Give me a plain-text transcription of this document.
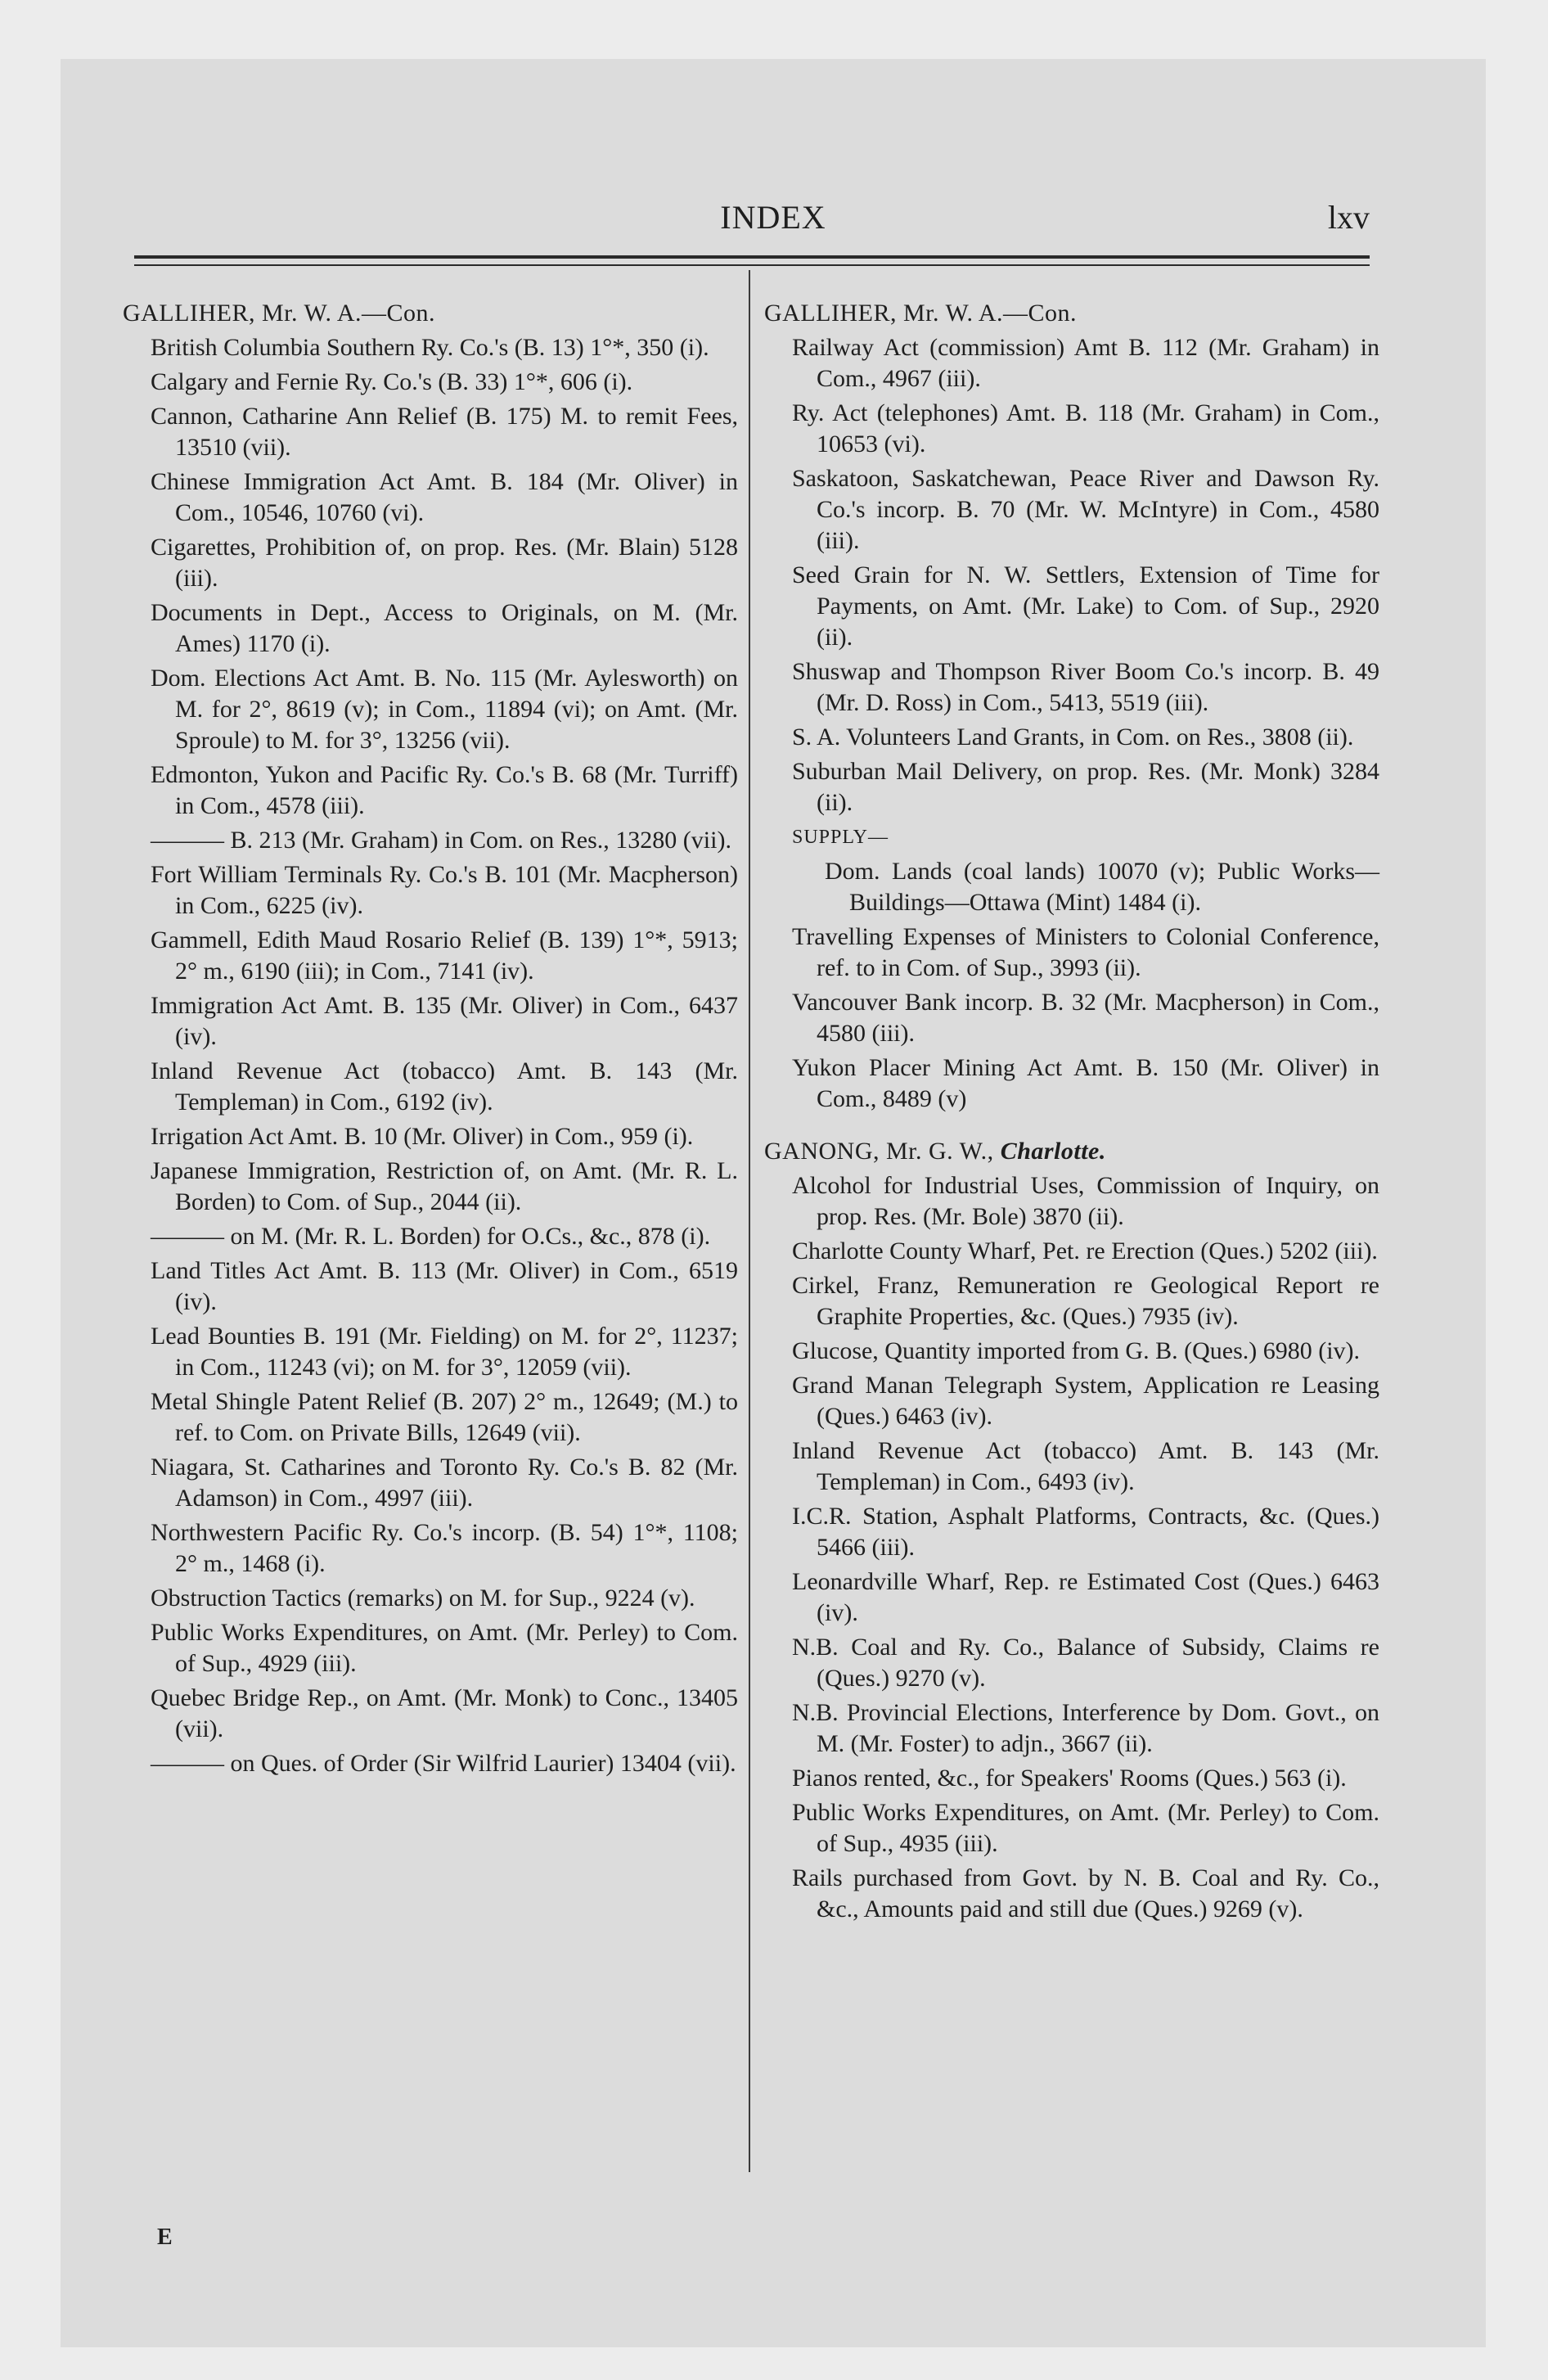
INDEX	lxv
GALLIHER, Mr. W. A.—Con.
British Columbia Southern Ry. Co.'s (B. 13) 1°*, 350 (i).
Calgary and Fernie Ry. Co.'s (B. 33) 1°*, 606 (i).
Cannon, Catharine Ann Relief (B. 175) M. to remit Fees, 13510 (vii).
Chinese Immigration Act Amt. B. 184 (Mr. Oliver) in Com., 10546, 10760 (vi).
Cigarettes, Prohibition of, on prop. Res. (Mr. Blain) 5128 (iii).
Documents in Dept., Access to Originals, on M. (Mr. Ames) 1170 (i).
Dom. Elections Act Amt. B. No. 115 (Mr. Aylesworth) on M. for 2°, 8619 (v); in Com., 11894 (vi); on Amt. (Mr. Sproule) to M. for 3°, 13256 (vii).
Edmonton, Yukon and Pacific Ry. Co.'s B. 68 (Mr. Turriff) in Com., 4578 (iii).
——— B. 213 (Mr. Graham) in Com. on Res., 13280 (vii).
Fort William Terminals Ry. Co.'s B. 101 (Mr. Macpherson) in Com., 6225 (iv).
Gammell, Edith Maud Rosario Relief (B. 139) 1°*, 5913; 2° m., 6190 (iii); in Com., 7141 (iv).
Immigration Act Amt. B. 135 (Mr. Oliver) in Com., 6437 (iv).
Inland Revenue Act (tobacco) Amt. B. 143 (Mr. Templeman) in Com., 6192 (iv).
Irrigation Act Amt. B. 10 (Mr. Oliver) in Com., 959 (i).
Japanese Immigration, Restriction of, on Amt. (Mr. R. L. Borden) to Com. of Sup., 2044 (ii).
——— on M. (Mr. R. L. Borden) for O.Cs., &c., 878 (i).
Land Titles Act Amt. B. 113 (Mr. Oliver) in Com., 6519 (iv).
Lead Bounties B. 191 (Mr. Fielding) on M. for 2°, 11237; in Com., 11243 (vi); on M. for 3°, 12059 (vii).
Metal Shingle Patent Relief (B. 207) 2° m., 12649; (M.) to ref. to Com. on Private Bills, 12649 (vii).
Niagara, St. Catharines and Toronto Ry. Co.'s B. 82 (Mr. Adamson) in Com., 4997 (iii).
Northwestern Pacific Ry. Co.'s incorp. (B. 54) 1°*, 1108; 2° m., 1468 (i).
Obstruction Tactics (remarks) on M. for Sup., 9224 (v).
Public Works Expenditures, on Amt. (Mr. Perley) to Com. of Sup., 4929 (iii).
Quebec Bridge Rep., on Amt. (Mr. Monk) to Conc., 13405 (vii).
——— on Ques. of Order (Sir Wilfrid Laurier) 13404 (vii).
GALLIHER, Mr. W. A.—Con.
Railway Act (commission) Amt B. 112 (Mr. Graham) in Com., 4967 (iii).
Ry. Act (telephones) Amt. B. 118 (Mr. Graham) in Com., 10653 (vi).
Saskatoon, Saskatchewan, Peace River and Dawson Ry. Co.'s incorp. B. 70 (Mr. W. McIntyre) in Com., 4580 (iii).
Seed Grain for N. W. Settlers, Extension of Time for Payments, on Amt. (Mr. Lake) to Com. of Sup., 2920 (ii).
Shuswap and Thompson River Boom Co.'s incorp. B. 49 (Mr. D. Ross) in Com., 5413, 5519 (iii).
S. A. Volunteers Land Grants, in Com. on Res., 3808 (ii).
Suburban Mail Delivery, on prop. Res. (Mr. Monk) 3284 (ii).
SUPPLY—
Dom. Lands (coal lands) 10070 (v); Public Works—Buildings—Ottawa (Mint) 1484 (i).
Travelling Expenses of Ministers to Colonial Conference, ref. to in Com. of Sup., 3993 (ii).
Vancouver Bank incorp. B. 32 (Mr. Macpherson) in Com., 4580 (iii).
Yukon Placer Mining Act Amt. B. 150 (Mr. Oliver) in Com., 8489 (v)
GANONG, Mr. G. W., Charlotte.
Alcohol for Industrial Uses, Commission of Inquiry, on prop. Res. (Mr. Bole) 3870 (ii).
Charlotte County Wharf, Pet. re Erection (Ques.) 5202 (iii).
Cirkel, Franz, Remuneration re Geological Report re Graphite Properties, &c. (Ques.) 7935 (iv).
Glucose, Quantity imported from G. B. (Ques.) 6980 (iv).
Grand Manan Telegraph System, Application re Leasing (Ques.) 6463 (iv).
Inland Revenue Act (tobacco) Amt. B. 143 (Mr. Templeman) in Com., 6493 (iv).
I.C.R. Station, Asphalt Platforms, Contracts, &c. (Ques.) 5466 (iii).
Leonardville Wharf, Rep. re Estimated Cost (Ques.) 6463 (iv).
N.B. Coal and Ry. Co., Balance of Subsidy, Claims re (Ques.) 9270 (v).
N.B. Provincial Elections, Interference by Dom. Govt., on M. (Mr. Foster) to adjn., 3667 (ii).
Pianos rented, &c., for Speakers' Rooms (Ques.) 563 (i).
Public Works Expenditures, on Amt. (Mr. Perley) to Com. of Sup., 4935 (iii).
Rails purchased from Govt. by N. B. Coal and Ry. Co., &c., Amounts paid and still due (Ques.) 9269 (v).
E
